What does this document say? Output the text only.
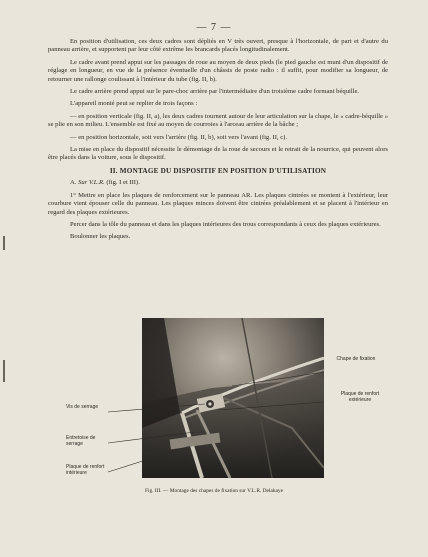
— 7 —

En position d'utilisation, ces deux cadres sont dépliés en V très ouvert, presque à l'horizontale, de part et d'autre du panneau arrière, et supportent par leur côté extrême les brancards placés longitudinalement.

Le cadre avant prend appui sur les passages de roue au moyen de deux pieds (le pied gauche est muni d'un dispositif de réglage en longueur, en vue de la présence éventuelle d'un châssis de poste radio : il suffit, pour modifier sa longueur, de retourner une rallonge coulissant à l'intérieur du tube (fig. II, b).

Le cadre arrière prend appui sur le pare-choc arrière par l'intermédiaire d'un troisième cadre formant béquille.

L'appareil monté peut se replier de trois façons :

— en position verticale (fig. II, a), les deux cadres tournent autour de leur articulation sur la chape, le « cadre-béquille » se plie en son milieu. L'ensemble est fixé au moyen de courroies à l'arceau arrière de la bâche ;

— en position horizontale, soit vers l'arrière (fig. II, b), soit vers l'avant (fig. II, c).

La mise en place du dispositif nécessite le démontage de la roue de secours et le retrait de la nourrice, qui peuvent alors être placés dans la voiture, sous le dispositif.

II. MONTAGE DU DISPOSITIF EN POSITION D'UTILISATION

A. Sur V.L.R. (fig. I et III).

1° Mettre en place les plaques de renforcement sur le panneau AR. Les plaques cintrées se montent à l'extérieur, leur courbure vient épouser celle du panneau. Les plaques minces doivent être cintrées préalablement et se placent à l'intérieur en regard des plaques extérieures.

Percer dans la tôle du panneau et dans les plaques intérieures des trous correspondants à ceux des plaques extérieures.

Boulonner les plaques.

Chape de fixation
Plaque de renfort extérieure
Vis de serrage
Entretoise de serrage
Plaque de renfort intérieure
Fig. III. — Montage des chapes de fixation sur V.L.R. Delahaye
